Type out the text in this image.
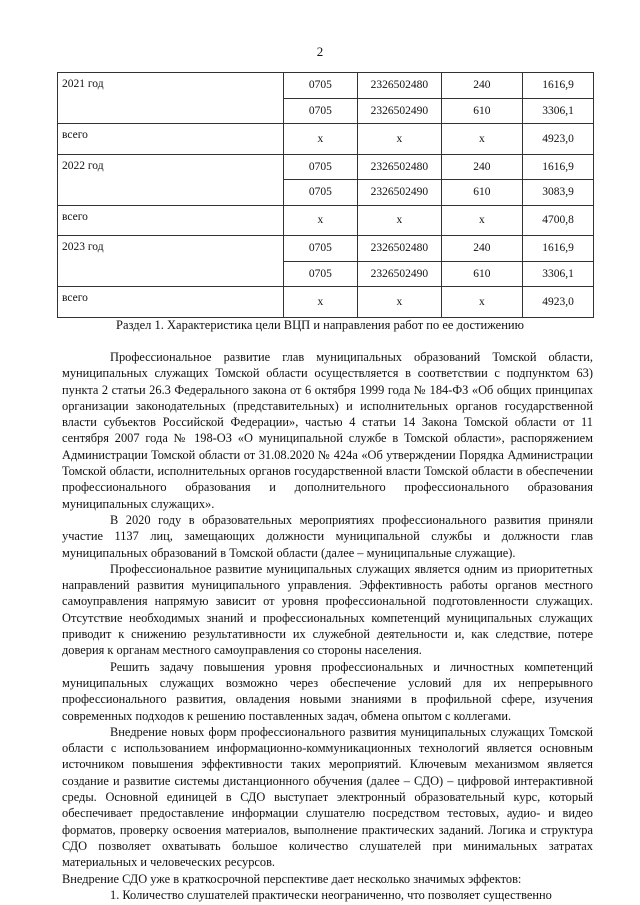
2
2021 год	0705	2326502480	240	1616,9
	0705	2326502490	610	3306,1
всего	x	x	x	4923,0
2022 год	0705	2326502480	240	1616,9
	0705	2326502490	610	3083,9
всего	x	x	x	4700,8
2023 год	0705	2326502480	240	1616,9
	0705	2326502490	610	3306,1
всего	x	x	x	4923,0
Раздел 1. Характеристика цели ВЦП и направления работ по ее достижению

Профессиональное развитие глав муниципальных образований Томской области, муниципальных служащих Томской области осуществляется в соответствии с подпунктом 63) пункта 2 статьи 26.3 Федерального закона от 6 октября 1999 года № 184-ФЗ «Об общих принципах организации законодательных (представительных) и исполнительных органов государственной власти субъектов Российской Федерации», частью 4 статьи 14 Закона Томской области от 11 сентября 2007 года № 198-ОЗ «О муниципальной службе в Томской области», распоряжением Администрации Томской области от 31.08.2020 № 424а «Об утверждении Порядка Администрации Томской области, исполнительных органов государственной власти Томской области в обеспечении профессионального образования и дополнительного профессионального образования муниципальных служащих».

В 2020 году в образовательных мероприятиях профессионального развития приняли участие 1137 лиц, замещающих должности муниципальной службы и должности глав муниципальных образований в Томской области (далее – муниципальные служащие).

Профессиональное развитие муниципальных служащих является одним из приоритетных направлений развития муниципального управления. Эффективность работы органов местного самоуправления напрямую зависит от уровня профессиональной подготовленности служащих. Отсутствие необходимых знаний и профессиональных компетенций муниципальных служащих приводит к снижению результативности их служебной деятельности и, как следствие, потере доверия к органам местного самоуправления со стороны населения.

Решить задачу повышения уровня профессиональных и личностных компетенций муниципальных служащих возможно через обеспечение условий для их непрерывного профессионального развития, овладения новыми знаниями в профильной сфере, изучения современных подходов к решению поставленных задач, обмена опытом с коллегами.

Внедрение новых форм профессионального развития муниципальных служащих Томской области с использованием информационно-коммуникационных технологий является основным источником повышения эффективности таких мероприятий. Ключевым механизмом является создание и развитие системы дистанционного обучения (далее – СДО) – цифровой интерактивной среды. Основной единицей в СДО выступает электронный образовательный курс, который обеспечивает предоставление информации слушателю посредством тестовых, аудио- и видео форматов, проверку освоения материалов, выполнение практических заданий. Логика и структура СДО позволяет охватывать большое количество слушателей при минимальных затратах материальных и человеческих ресурсов.

Внедрение СДО уже в краткосрочной перспективе дает несколько значимых эффектов:

1. Количество слушателей практически неограниченно, что позволяет существенно
